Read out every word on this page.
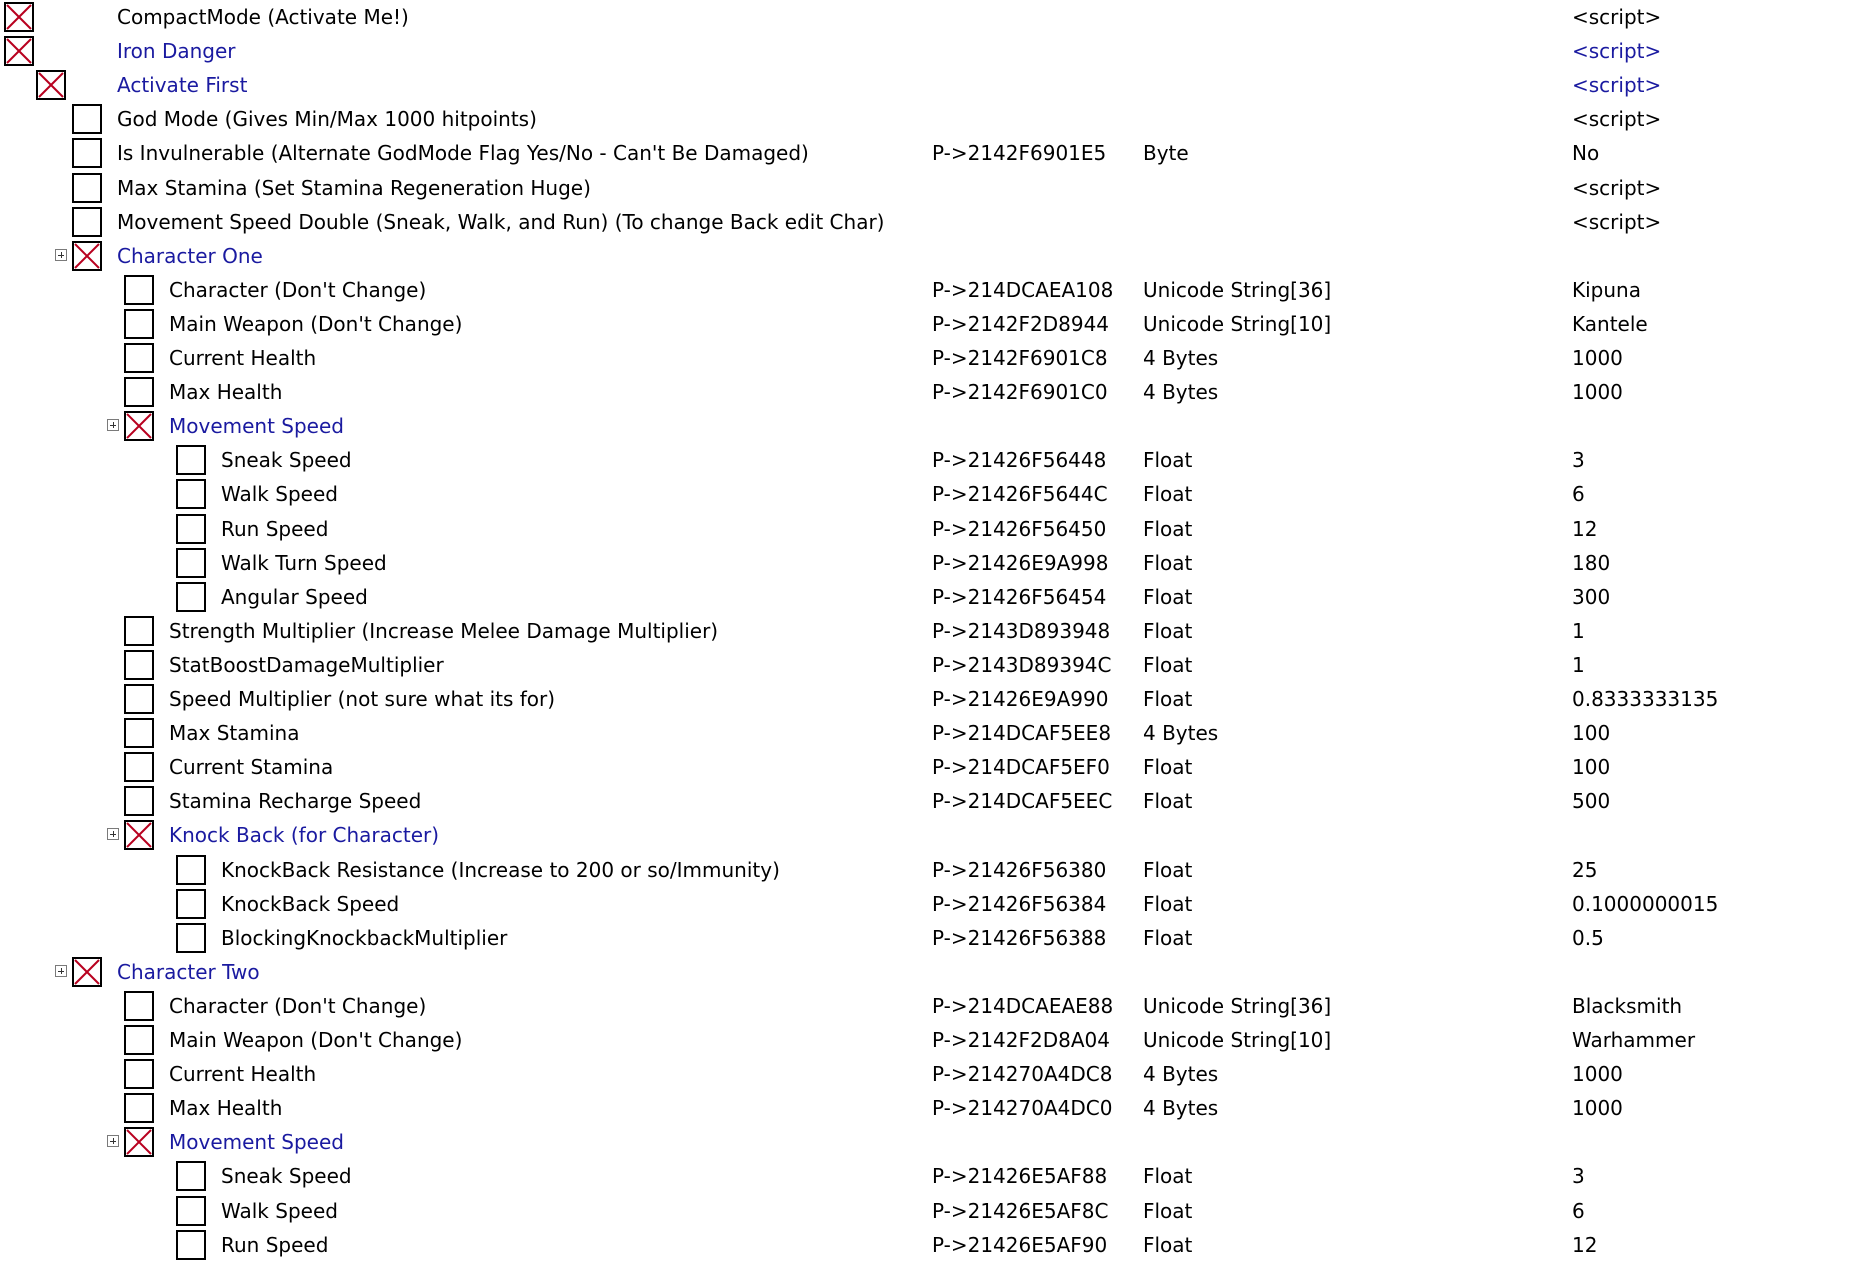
CompactMode (Activate Me!)	<script>
Iron Danger	<script>
Activate First	<script>
God Mode (Gives Min/Max 1000 hitpoints)	<script>
Is Invulnerable (Alternate GodMode Flag Yes/No - Can't Be Damaged)	P->2142F6901E5 Byte	No
Max Stamina (Set Stamina Regeneration Huge)	<script>
Movement Speed Double (Sneak, Walk, and Run) (To change Back edit Char)	<script>
Character One
Character (Don't Change)	P->214DCAEA108 Unicode String[36]	Kipuna
Main Weapon (Don't Change)	P->2142F2D8944 Unicode String[10]	Kantele
Current Health	P->2142F6901C8 4 Bytes	1000
Max Health	P->2142F6901C0 4 Bytes	1000
Movement Speed
Sneak Speed	P->21426F56448 Float	3
Walk Speed	P->21426F5644C Float	6
Run Speed	P->21426F56450 Float	12
Walk Turn Speed	P->21426E9A998 Float	180
Angular Speed	P->21426F56454 Float	300
Strength Multiplier (Increase Melee Damage Multiplier)	P->2143D893948 Float	1
StatBoostDamageMultiplier	P->2143D89394C Float	1
Speed Multiplier (not sure what its for)	P->21426E9A990 Float	0.8333333135
Max Stamina	P->214DCAF5EE8 4 Bytes	100
Current Stamina	P->214DCAF5EF0 Float	100
Stamina Recharge Speed	P->214DCAF5EEC Float	500
Knock Back (for Character)
KnockBack Resistance (Increase to 200 or so/Immunity)	P->21426F56380 Float	25
KnockBack Speed	P->21426F56384 Float	0.1000000015
BlockingKnockbackMultiplier	P->21426F56388 Float	0.5
Character Two
Character (Don't Change)	P->214DCAEAE88 Unicode String[36]	Blacksmith
Main Weapon (Don't Change)	P->2142F2D8A04 Unicode String[10]	Warhammer
Current Health	P->214270A4DC8 4 Bytes	1000
Max Health	P->214270A4DC0 4 Bytes	1000
Movement Speed
Sneak Speed	P->21426E5AF88 Float	3
Walk Speed	P->21426E5AF8C Float	6
Run Speed	P->21426E5AF90 Float	12
